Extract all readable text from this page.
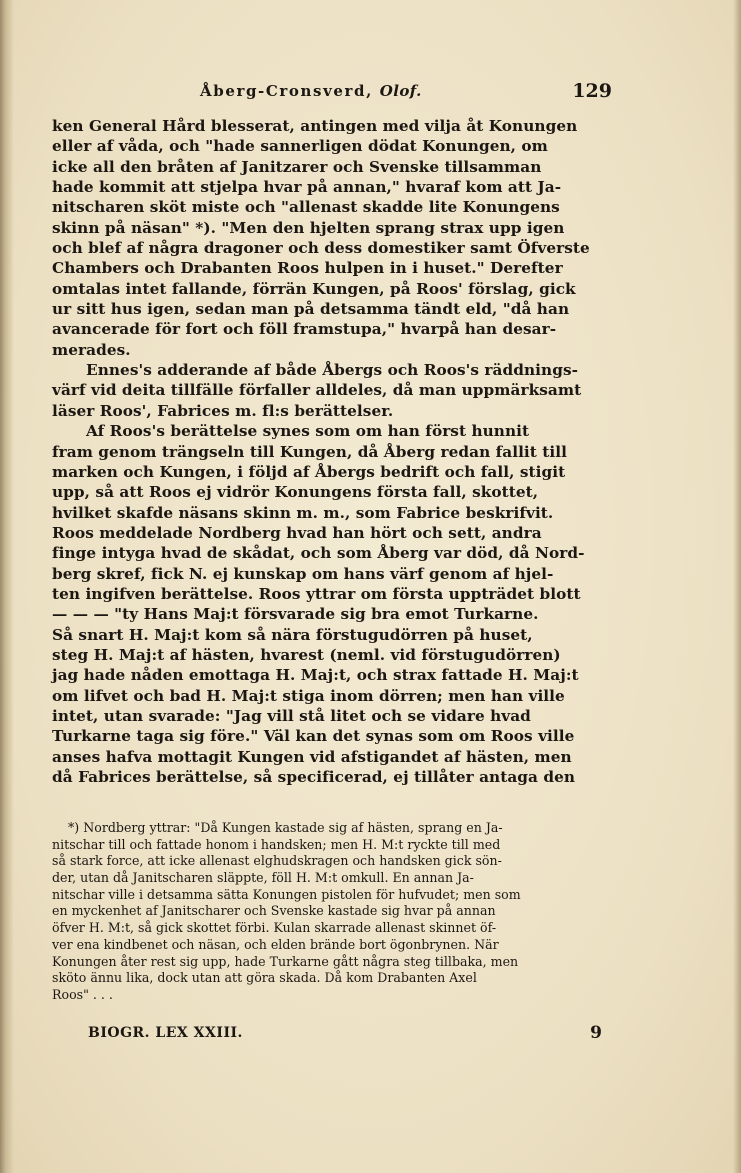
Åberg-Cronsverd, Olof.	129
ken General Hård blesserat, antingen med vilja åt Konungen
eller af våda, och "hade sannerligen dödat Konungen, om
icke all den bråten af Janitzarer och Svenske tillsamman
hade kommit att stjelpa hvar på annan," hvaraf kom att Ja-
nitscharen sköt miste och "allenast skadde lite Konungens
skinn på näsan" *). "Men den hjelten sprang strax upp igen
och blef af några dragoner och dess domestiker samt Öfverste
Chambers och Drabanten Roos hulpen in i huset." Derefter
omtalas intet fallande, förrän Kungen, på Roos' förslag, gick
ur sitt hus igen, sedan man på detsamma tändt eld, "då han
avancerade för fort och föll framstupa," hvarpå han desar-
merades.
Ennes's adderande af både Åbergs och Roos's räddnings-
värf vid deita tillfälle förfaller alldeles, då man uppmärksamt
läser Roos', Fabrices m. fl:s berättelser.
Af Roos's berättelse synes som om han först hunnit
fram genom trängseln till Kungen, då Åberg redan fallit till
marken och Kungen, i följd af Åbergs bedrift och fall, stigit
upp, så att Roos ej vidrör Konungens första fall, skottet,
hvilket skafde näsans skinn m. m., som Fabrice beskrifvit.
Roos meddelade Nordberg hvad han hört och sett, andra
finge intyga hvad de skådat, och som Åberg var död, då Nord-
berg skref, fick N. ej kunskap om hans värf genom af hjel-
ten ingifven berättelse. Roos yttrar om första uppträdet blott
— — — "ty Hans Maj:t försvarade sig bra emot Turkarne.
Så snart H. Maj:t kom så nära förstugudörren på huset,
steg H. Maj:t af hästen, hvarest (neml. vid förstugudörren)
jag hade nåden emottaga H. Maj:t, och strax fattade H. Maj:t
om lifvet och bad H. Maj:t stiga inom dörren; men han ville
intet, utan svarade: "Jag vill stå litet och se vidare hvad
Turkarne taga sig före." Väl kan det synas som om Roos ville
anses hafva mottagit Kungen vid afstigandet af hästen, men
då Fabrices berättelse, så specificerad, ej tillåter antaga den
*) Nordberg yttrar: "Då Kungen kastade sig af hästen, sprang en Ja-
nitschar till och fattade honom i handsken; men H. M:t ryckte till med
så stark force, att icke allenast elghudskragen och handsken gick sön-
der, utan då Janitscharen släppte, föll H. M:t omkull. En annan Ja-
nitschar ville i detsamma sätta Konungen pistolen för hufvudet; men som
en myckenhet af Janitscharer och Svenske kastade sig hvar på annan
öfver H. M:t, så gick skottet förbi. Kulan skarrade allenast skinnet öf-
ver ena kindbenet och näsan, och elden brände bort ögonbrynen. När
Konungen åter rest sig upp, hade Turkarne gått några steg tillbaka, men
sköto ännu lika, dock utan att göra skada. Då kom Drabanten Axel
Roos" . . .
BIOGR. LEX XXIII.	9
